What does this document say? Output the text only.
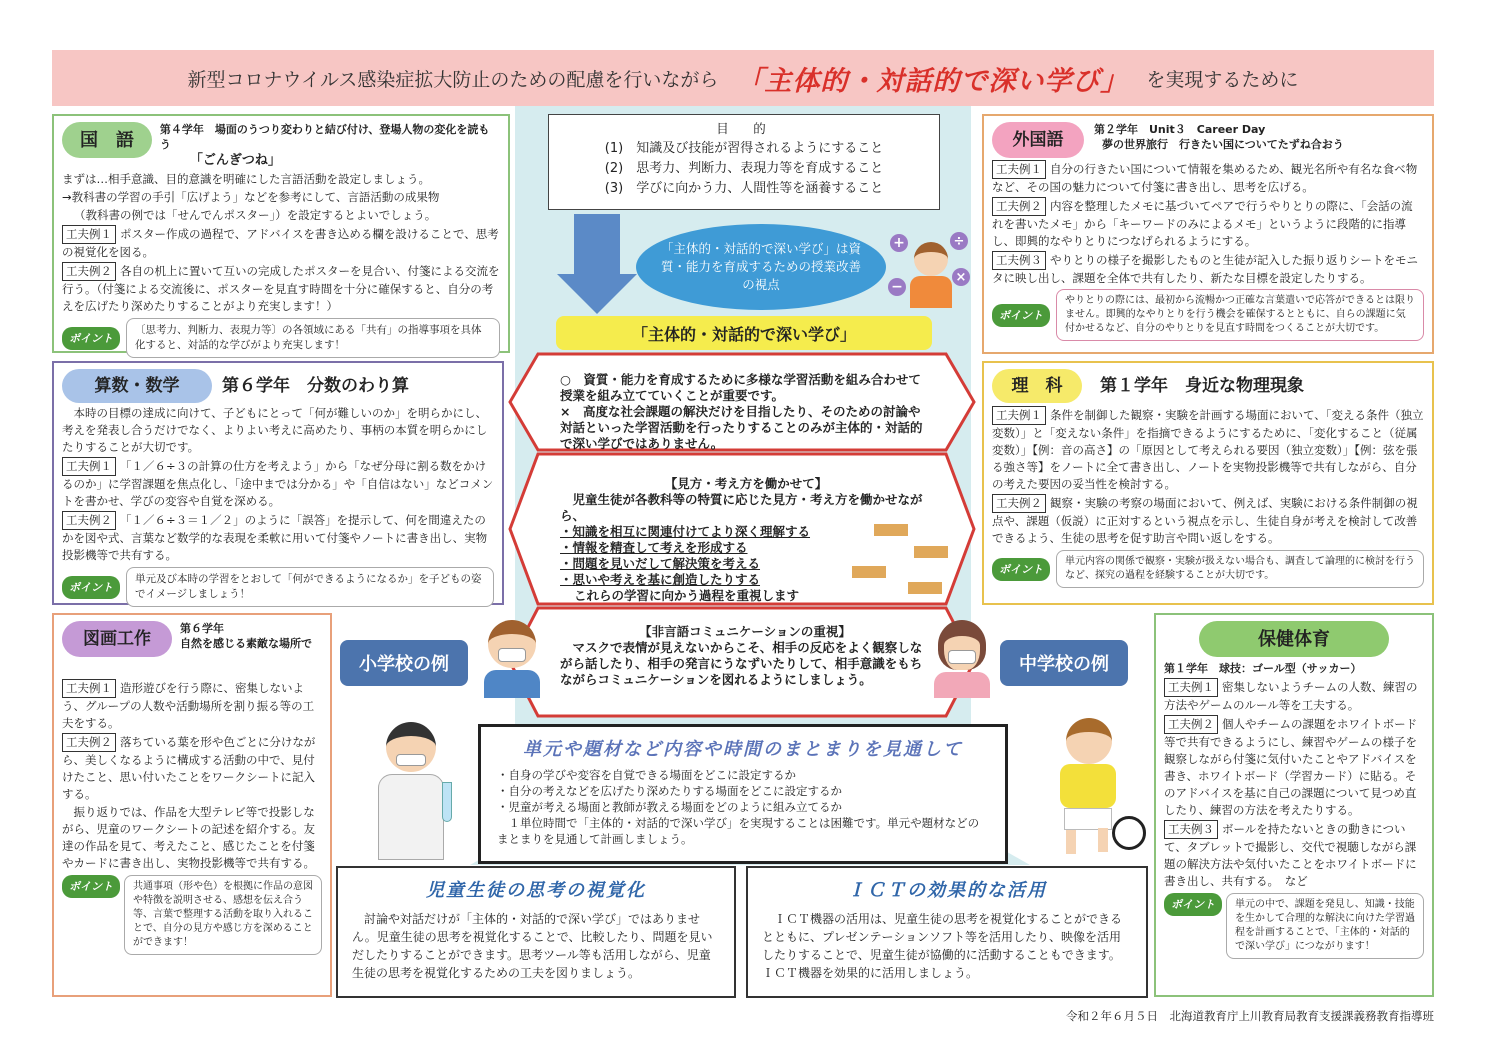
新型コロナウイルス感染症拡大防止のための配慮を行いながら 「主体的・対話的で深い学び」 を実現するために
国　語	第４学年　場面のうつり変わりと結び付け、登場人物の変化を読もう
「ごんぎつね」

まずは…相手意識、目的意識を明確にした言語活動を設定しましょう。

→教科書の学習の手引「広げよう」などを参考にして、言語活動の成果物

（教科書の例では「せんでんポスター」）を設定するとよいでしょう。

工夫例１ ポスター作成の過程で、アドバイスを書き込める欄を設けることで、思考の視覚化を図る。

工夫例２ 各自の机上に置いて互いの完成したポスターを見合い、付箋による交流を行う。（付箋による交流後に、ポスターを見直す時間を十分に確保すると、自分の考えを広げたり深めたりすることがより充実します！）

ポイント
〔思考力、判断力、表現力等〕の各領域にある「共有」の指導事項を具体化すると、対話的な学びがより充実します！
算数・数学	第６学年　分数のわり算

本時の目標の達成に向けて、子どもにとって「何が難しいのか」を明らかにし、考えを発表し合うだけでなく、よりよい考えに高めたり、事柄の本質を明らかにしたりすることが大切です。

工夫例１ 「１／６÷３の計算の仕方を考えよう」から「なぜ分母に割る数をかけるのか」に学習課題を焦点化し、「途中までは分かる」や「自信はない」などコメントを書かせ、学びの変容や自覚を深める。

工夫例２ 「１／６÷３＝１／２」のように「誤答」を提示して、何を間違えたのかを図や式、言葉など数学的な表現を柔軟に用いて付箋やノートに書き出し、実物投影機等で共有する。

ポイント
単元及び本時の学習をとおして「何ができるようになるか」を子どもの姿でイメージしましょう！
図画工作	第６学年
自然を感じる素敵な場所で

工夫例１ 造形遊びを行う際に、密集しないよう、グループの人数や活動場所を割り振る等の工夫をする。

工夫例２ 落ちている葉を形や色ごとに分けながら、美しくなるように構成する活動の中で、見付けたこと、思い付いたことをワークシートに記入する。

振り返りでは、作品を大型テレビ等で投影しながら、児童のワークシートの記述を紹介する。友達の作品を見て、考えたこと、感じたことを付箋やカードに書き出し、実物投影機等で共有する。

ポイント	共通事項（形や色）を根拠に作品の意図や特徴を説明させる、感想を伝え合う等、言葉で整理する活動を取り入れることで、自分の見方や感じ方を深めることができます！
目　的
(1)　知識及び技能が習得されるようにすること
(2)　思考力、判断力、表現力等を育成すること
(3)　学びに向かう力、人間性等を涵養すること
「主体的・対話的で深い学び」は資質・能力を育成するための授業改善の視点
+	÷
×
−
「主体的・対話的で深い学び」
○　資質・能力を育成するために多様な学習活動を組み合わせて授業を組み立てていくことが重要です。
×　高度な社会課題の解決だけを目指したり、そのための討論や対話といった学習活動を行ったりすることのみが主体的・対話的で深い学びではありません。
【見方・考え方を働かせて】
児童生徒が各教科等の特質に応じた見方・考え方を働かせながら、
・知識を相互に関連付けてより深く理解する
・情報を精査して考えを形成する
・問題を見いだして解決策を考える
・思いや考えを基に創造したりする
これらの学習に向かう過程を重視します
【非言語コミュニケーションの重視】
マスクで表情が見えないからこそ、相手の反応をよく観察しながら話したり、相手の発言にうなずいたりして、相手意識をもちながらコミュニケーションを図れるようにしましょう。
小学校の例	中学校の例
外国語	第２学年　Unit３　Career Day
夢の世界旅行　行きたい国についてたずね合おう

工夫例１ 自分の行きたい国について情報を集めるため、観光名所や有名な食べ物など、その国の魅力について付箋に書き出し、思考を広げる。

工夫例２ 内容を整理したメモに基づいてペアで行うやりとりの際に、「会話の流れを書いたメモ」から「キーワードのみによるメモ」というように段階的に指導し、即興的なやりとりにつなげられるようにする。

工夫例３ やりとりの様子を撮影したものと生徒が記入した振り返りシートをモニタに映し出し、課題を全体で共有したり、新たな目標を設定したりする。

ポイント
やりとりの際には、最初から流暢かつ正確な言葉遣いで応答ができるとは限りません。即興的なやりとりを行う機会を確保するとともに、自らの課題に気付かせるなど、自分のやりとりを見直す時間をつくることが大切です。
理　科	第１学年　身近な物理現象

工夫例１ 条件を制御した観察・実験を計画する場面において、「変える条件（独立変数）」と「変えない条件」を指摘できるようにするために、「変化すること（従属変数）」【例：音の高さ】の「原因として考えられる要因（独立変数）」【例：弦を張る強さ等】をノートに全て書き出し、ノートを実物投影機等で共有しながら、自分の考えた要因の妥当性を検討する。

工夫例２ 観察・実験の考察の場面において、例えば、実験における条件制御の視点や、課題（仮説）に正対するという視点を示し、生徒自身が考えを検討して改善できるよう、生徒の思考を促す助言や問い返しをする。

ポイント
単元内容の関係で観察・実験が扱えない場合も、調査して論理的に検討を行うなど、探究の過程を経験することが大切です。
保健体育
第１学年　球技：ゴール型（サッカー）

工夫例１ 密集しないようチームの人数、練習の方法やゲームのルール等を工夫する。

工夫例２ 個人やチームの課題をホワイトボード等で共有できるようにし、練習やゲームの様子を観察しながら付箋に気付いたことやアドバイスを書き、ホワイトボード（学習カード）に貼る。そのアドバイスを基に自己の課題について見つめ直したり、練習の方法を考えたりする。

工夫例３ ボールを持たないときの動きについて、タブレットで撮影し、交代で視聴しながら課題の解決方法や気付いたことをホワイトボードに書き出し、共有する。　など

ポイント	単元の中で、課題を発見し、知識・技能を生かして合理的な解決に向けた学習過程を計画することで、「主体的・対話的で深い学び」につながります！
単元や題材など内容や時間のまとまりを見通して
・自身の学びや変容を自覚できる場面をどこに設定するか
・自分の考えなどを広げたり深めたりする場面をどこに設定するか
・児童が考える場面と教師が教える場面をどのように組み立てるか
１単位時間で「主体的・対話的で深い学び」を実現することは困難です。単元や題材などのまとまりを見通して計画しましょう。
児童生徒の思考の視覚化
討論や対話だけが「主体的・対話的で深い学び」ではありません。児童生徒の思考を視覚化することで、比較したり、問題を見いだしたりすることができます。思考ツール等も活用しながら、児童生徒の思考を視覚化するための工夫を図りましょう。
ＩＣＴの効果的な活用
ＩＣＴ機器の活用は、児童生徒の思考を視覚化することができるとともに、プレゼンテーションソフト等を活用したり、映像を活用したりすることで、児童生徒が協働的に活動することもできます。ＩＣＴ機器を効果的に活用しましょう。
令和２年６月５日　北海道教育庁上川教育局教育支援課義務教育指導班
